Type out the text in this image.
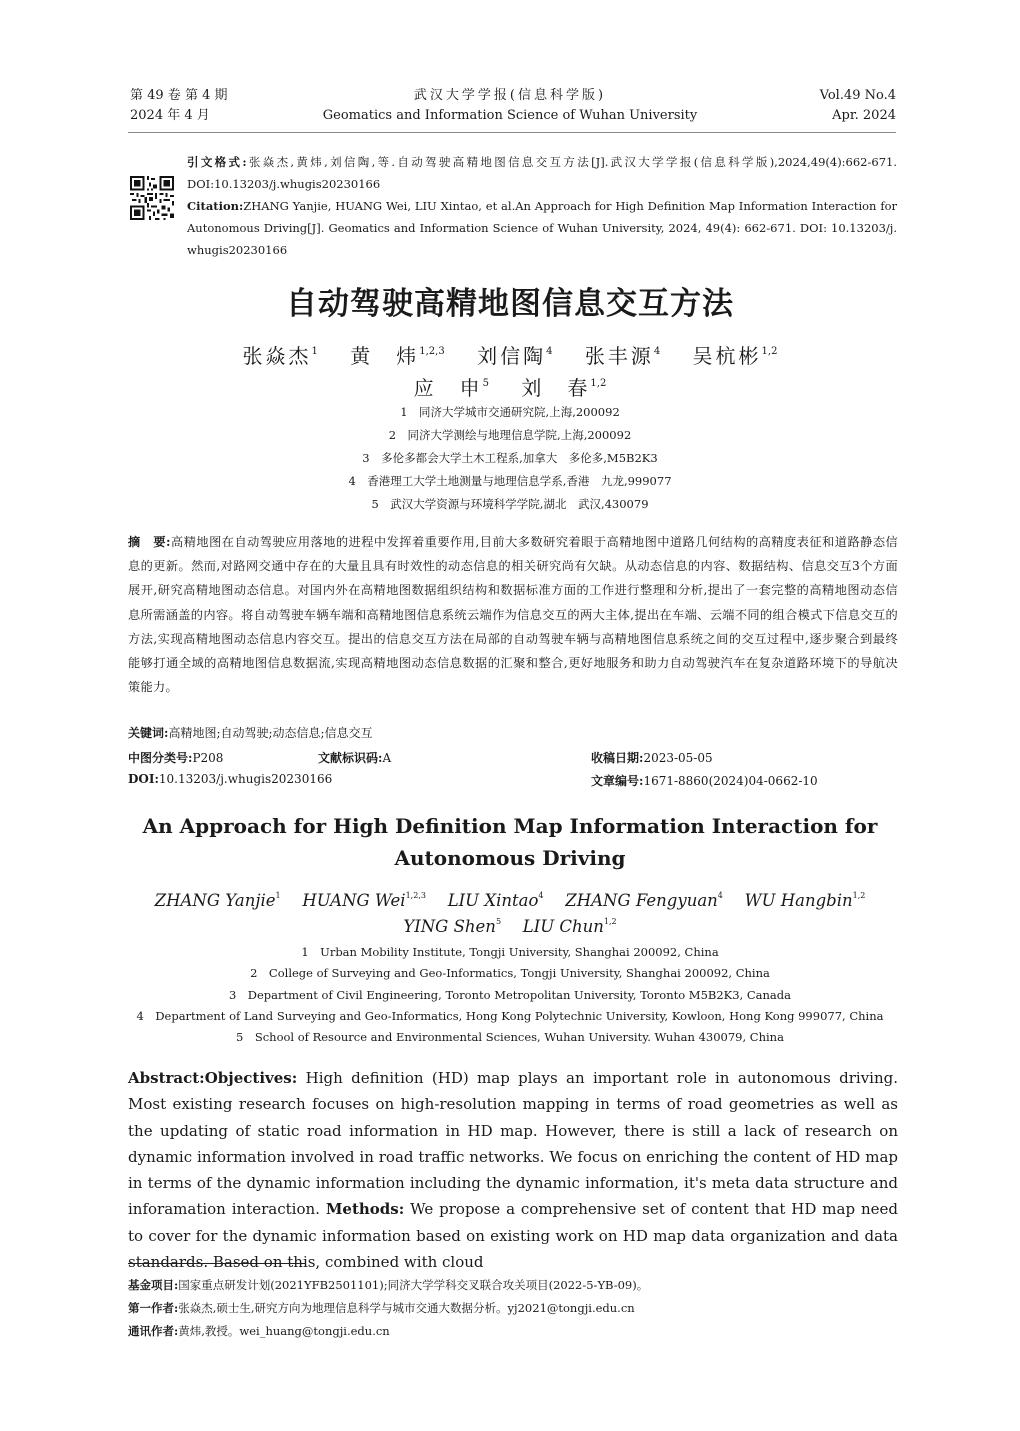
第 49 卷 第 4 期
2024 年 4 月
武汉大学学报(信息科学版)
Geomatics and Information Science of Wuhan University
Vol.49 No.4
Apr. 2024
引文格式:张焱杰,黄炜,刘信陶,等.自动驾驶高精地图信息交互方法[J].武汉大学学报(信息科学版),2024,49(4):662-671. DOI:10.13203/j.whugis20230166
Citation:ZHANG Yanjie, HUANG Wei, LIU Xintao, et al.An Approach for High Definition Map Information Interaction for Autonomous Driving[J]. Geomatics and Information Science of Wuhan University, 2024, 49(4): 662-671. DOI: 10.13203/j. whugis20230166
自动驾驶高精地图信息交互方法
张焱杰$^1$  黄　炜$^{1,2,3}$  刘信陶$^4$  张丰源$^4$  吴杭彬$^{1,2}$
应　申$^5$  刘　春$^{1,2}$
1　同济大学城市交通研究院,上海,200092
2　同济大学测绘与地理信息学院,上海,200092
3　多伦多都会大学土木工程系,加拿大　多伦多,M5B2K3
4　香港理工大学土地测量与地理信息学系,香港　九龙,999077
5　武汉大学资源与环境科学学院,湖北　武汉,430079
摘　要:高精地图在自动驾驶应用落地的进程中发挥着重要作用,目前大多数研究着眼于高精地图中道路几何结构的高精度表征和道路静态信息的更新。然而,对路网交通中存在的大量且具有时效性的动态信息的相关研究尚有欠缺。从动态信息的内容、数据结构、信息交互3个方面展开,研究高精地图动态信息。对国内外在高精地图数据组织结构和数据标准方面的工作进行整理和分析,提出了一套完整的高精地图动态信息所需涵盖的内容。将自动驾驶车辆车端和高精地图信息系统云端作为信息交互的两大主体,提出在车端、云端不同的组合模式下信息交互的方法,实现高精地图动态信息内容交互。提出的信息交互方法在局部的自动驾驶车辆与高精地图信息系统之间的交互过程中,逐步聚合到最终能够打通全域的高精地图信息数据流,实现高精地图动态信息数据的汇聚和整合,更好地服务和助力自动驾驶汽车在复杂道路环境下的导航决策能力。
关键词:高精地图;自动驾驶;动态信息;信息交互
中图分类号:P208	文献标识码:A	收稿日期:2023-05-05
DOI:10.13203/j.whugis20230166	文章编号:1671-8860(2024)04-0662-10
An Approach for High Definition Map Information Interaction for
Autonomous Driving
ZHANG Yanjie$^1$  HUANG Wei$^{1,2,3}$  LIU Xintao$^4$  ZHANG Fengyuan$^4$  WU Hangbin$^{1,2}$
YING Shen$^5$  LIU Chun$^{1,2}$
1　Urban Mobility Institute, Tongji University, Shanghai 200092, China
2　College of Surveying and Geo-Informatics, Tongji University, Shanghai 200092, China
3　Department of Civil Engineering, Toronto Metropolitan University, Toronto M5B2K3, Canada
4　Department of Land Surveying and Geo-Informatics, Hong Kong Polytechnic University, Kowloon, Hong Kong 999077, China
5　School of Resource and Environmental Sciences, Wuhan University. Wuhan 430079, China
Abstract:Objectives: High definition (HD) map plays an important role in autonomous driving. Most existing research focuses on high-resolution mapping in terms of road geometries as well as the updating of static road information in HD map. However, there is still a lack of research on dynamic information involved in road traffic networks. We focus on enriching the content of HD map in terms of the dynamic information including the dynamic information, it's meta data structure and inforamation interaction. Methods: We propose a comprehensive set of content that HD map need to cover for the dynamic information based on existing work on HD map data organization and data standards. Based on this, combined with cloud
基金项目:国家重点研发计划(2021YFB2501101);同济大学学科交叉联合攻关项目(2022-5-YB-09)。
第一作者:张焱杰,硕士生,研究方向为地理信息科学与城市交通大数据分析。yj2021@tongji.edu.cn
通讯作者:黄炜,教授。wei_huang@tongji.edu.cn
